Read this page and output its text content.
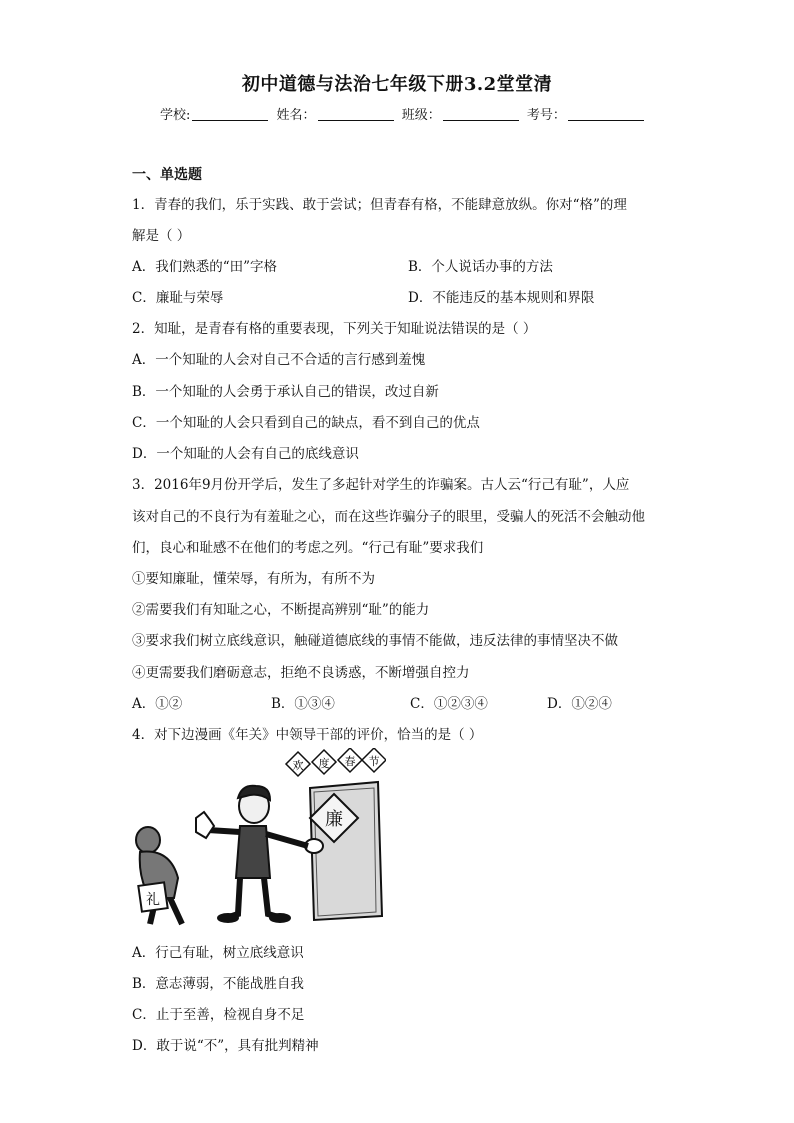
初中道德与法治七年级下册3.2堂堂清
学校:	姓名：	班级：	考号：
一、单选题
1．青春的我们，乐于实践、敢于尝试；但青春有格，不能肆意放纵。你对“格”的理
解是（ ）
A．我们熟悉的“田”字格	B．个人说话办事的方法
C．廉耻与荣辱	D．不能违反的基本规则和界限
2．知耻，是青春有格的重要表现，下列关于知耻说法错误的是（ ）
A．一个知耻的人会对自己不合适的言行感到羞愧
B．一个知耻的人会勇于承认自己的错误，改过自新
C．一个知耻的人会只看到自己的缺点，看不到自己的优点
D．一个知耻的人会有自己的底线意识
3．2016年9月份开学后，发生了多起针对学生的诈骗案。古人云“行己有耻”，人应
该对自己的不良行为有羞耻之心，而在这些诈骗分子的眼里，受骗人的死活不会触动他
们，良心和耻感不在他们的考虑之列。“行己有耻”要求我们
①要知廉耻，懂荣辱，有所为，有所不为
②需要我们有知耻之心，不断提高辨别“耻”的能力
③要求我们树立底线意识，触碰道德底线的事情不能做，违反法律的事情坚决不做
④更需要我们磨砺意志，拒绝不良诱惑，不断增强自控力
A．①②	B．①③④	C．①②③④	D．①②④
4．对下边漫画《年关》中领导干部的评价，恰当的是（ ）
廉
欢 度 春 节
礼
A．行己有耻，树立底线意识
B．意志薄弱，不能战胜自我
C．止于至善，检视自身不足
D．敢于说“不”，具有批判精神
